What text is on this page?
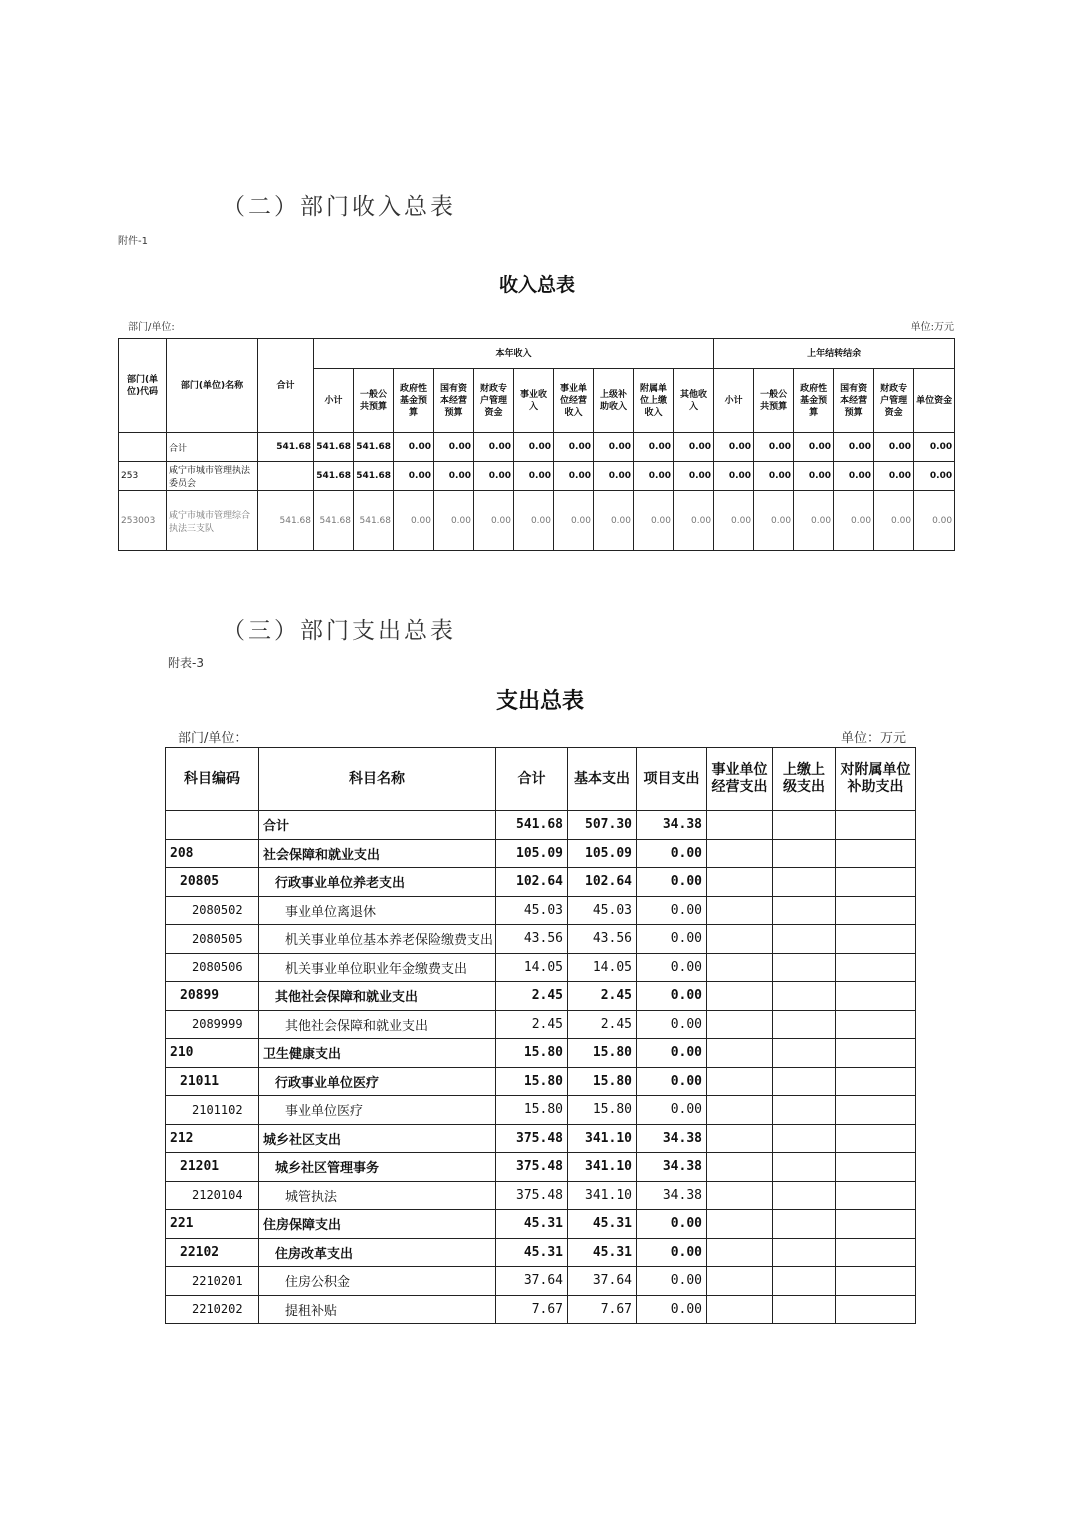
（二）部门收入总表
附件-1
收入总表
部门/单位:	单位:万元
部门(单位)代码	部门(单位)名称	合计	本年收入										上年结转结余					
			小计	一般公共预算	政府性基金预算	国有资本经营预算	财政专户管理资金	事业收入	事业单位经营收入	上级补助收入	附属单位上缴收入	其他收入	小计	一般公共预算	政府性基金预算	国有资本经营预算	财政专户管理资金	单位资金
	合计	541.68	541.68	541.68	0.00	0.00	0.00	0.00	0.00	0.00	0.00	0.00	0.00	0.00	0.00	0.00	0.00	0.00
253	咸宁市城市管理执法委员会		541.68	541.68	0.00	0.00	0.00	0.00	0.00	0.00	0.00	0.00	0.00	0.00	0.00	0.00	0.00	0.00
253003	咸宁市城市管理综合执法三支队	541.68	541.68	541.68	0.00	0.00	0.00	0.00	0.00	0.00	0.00	0.00	0.00	0.00	0.00	0.00	0.00	0.00
（三）部门支出总表
附表-3
支出总表
部门/单位：	单位：万元
科目编码	科目名称	合计	基本支出	项目支出	事业单位经营支出	上缴上级支出	对附属单位补助支出
	合计	541.68	507.30	34.38			
208	社会保障和就业支出	105.09	105.09	0.00			
20805	行政事业单位养老支出	102.64	102.64	0.00			
2080502	事业单位离退休	45.03	45.03	0.00			
2080505	机关事业单位基本养老保险缴费支出	43.56	43.56	0.00			
2080506	机关事业单位职业年金缴费支出	14.05	14.05	0.00			
20899	其他社会保障和就业支出	2.45	2.45	0.00			
2089999	其他社会保障和就业支出	2.45	2.45	0.00			
210	卫生健康支出	15.80	15.80	0.00			
21011	行政事业单位医疗	15.80	15.80	0.00			
2101102	事业单位医疗	15.80	15.80	0.00			
212	城乡社区支出	375.48	341.10	34.38			
21201	城乡社区管理事务	375.48	341.10	34.38			
2120104	城管执法	375.48	341.10	34.38			
221	住房保障支出	45.31	45.31	0.00			
22102	住房改革支出	45.31	45.31	0.00			
2210201	住房公积金	37.64	37.64	0.00			
2210202	提租补贴	7.67	7.67	0.00			
